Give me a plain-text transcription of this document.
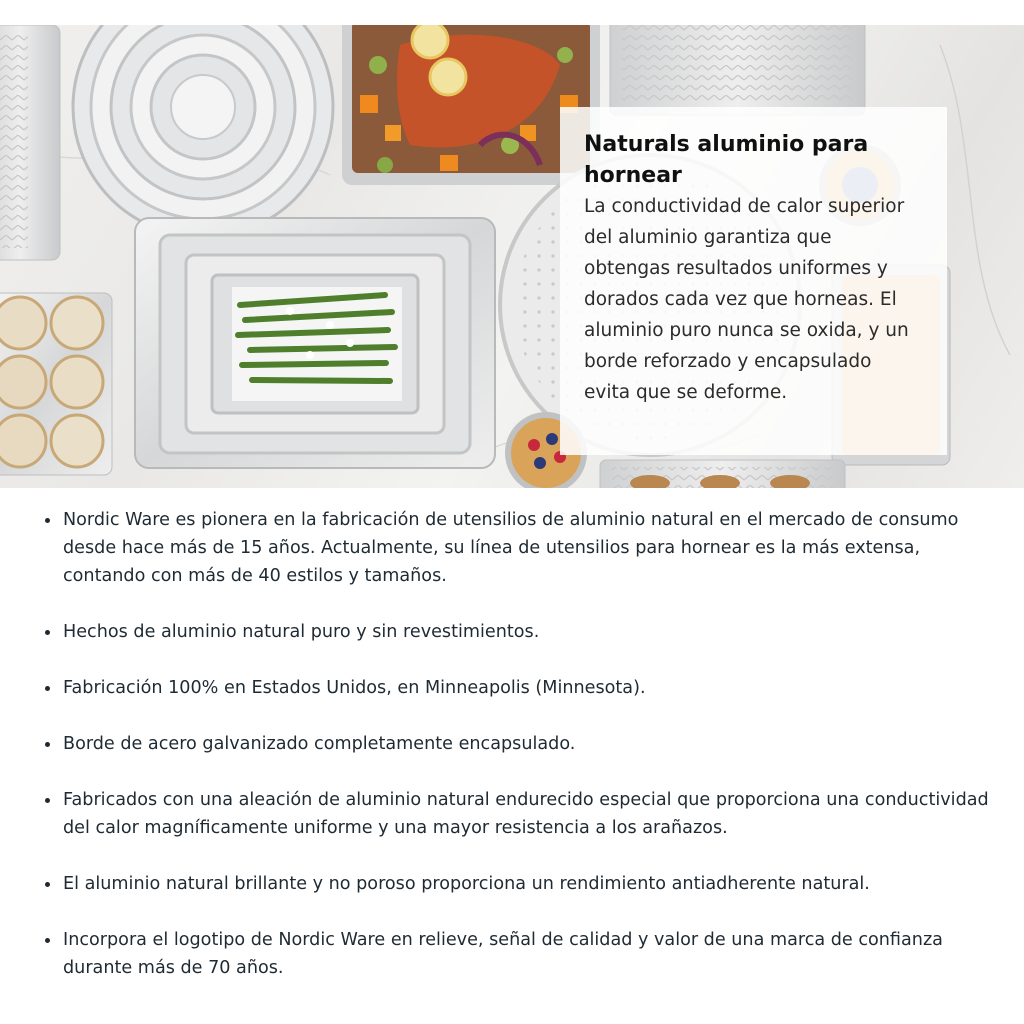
Naturals aluminio para hornear

La conductividad de calor superior del aluminio garantiza que obtengas resultados uniformes y dorados cada vez que horneas. El aluminio puro nunca se oxida, y un borde reforzado y encapsulado evita que se deforme.

Nordic Ware es pionera en la fabricación de utensilios de aluminio natural en el mercado de consumo desde hace más de 15 años. Actualmente, su línea de utensilios para hornear es la más extensa, contando con más de 40 estilos y tamaños.
Hechos de aluminio natural puro y sin revestimientos.
Fabricación 100% en Estados Unidos, en Minneapolis (Minnesota).
Borde de acero galvanizado completamente encapsulado.
Fabricados con una aleación de aluminio natural endurecido especial que proporciona una conductividad del calor magníficamente uniforme y una mayor resistencia a los arañazos.
El aluminio natural brillante y no poroso proporciona un rendimiento antiadherente natural.
Incorpora el logotipo de Nordic Ware en relieve, señal de calidad y valor de una marca de confianza durante más de 70 años.
